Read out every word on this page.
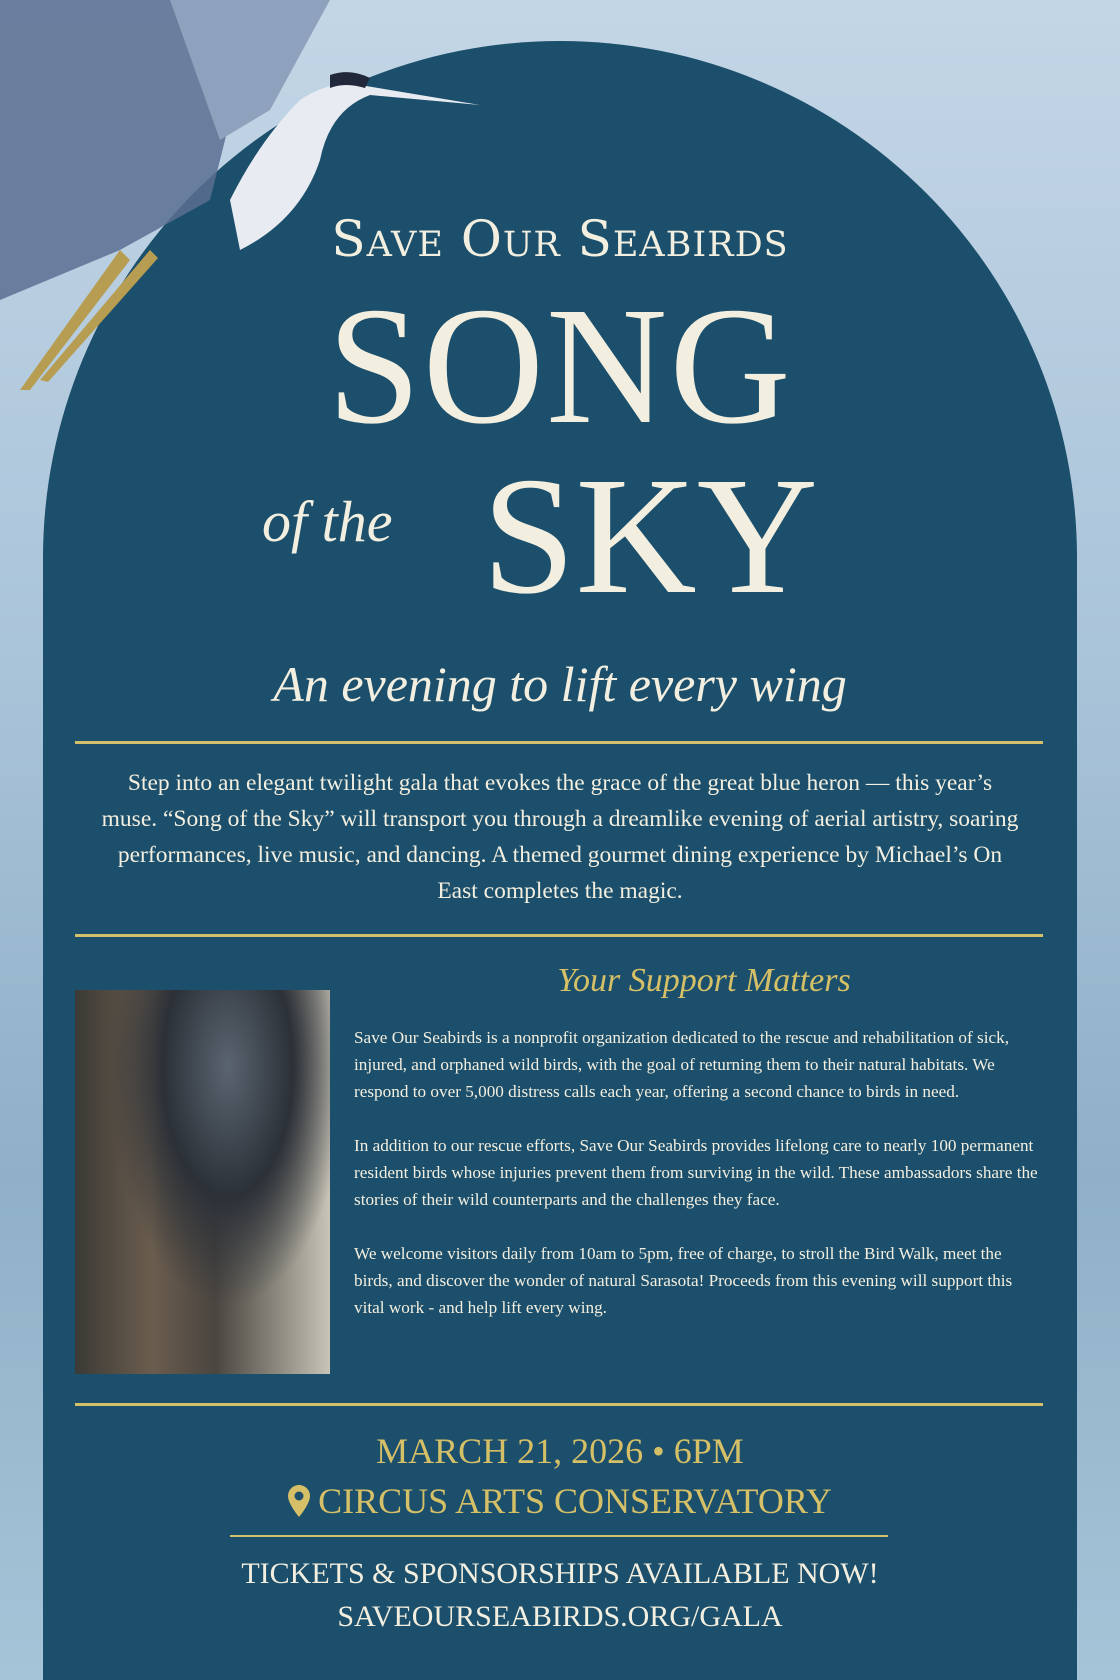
Save Our Seabirds
SONG
of the SKY
An evening to lift every wing
Step into an elegant twilight gala that evokes the grace of the great blue heron — this year’s muse. “Song of the Sky” will transport you through a dreamlike evening of aerial artistry, soaring performances, live music, and dancing. A themed gourmet dining experience by Michael’s On East completes the magic.
Your Support Matters

Save Our Seabirds is a nonprofit organization dedicated to the rescue and rehabilitation of sick, injured, and orphaned wild birds, with the goal of returning them to their natural habitats. We respond to over 5,000 distress calls each year, offering a second chance to birds in need.

In addition to our rescue efforts, Save Our Seabirds provides lifelong care to nearly 100 permanent resident birds whose injuries prevent them from surviving in the wild. These ambassadors share the stories of their wild counterparts and the challenges they face.

We welcome visitors daily from 10am to 5pm, free of charge, to stroll the Bird Walk, meet the birds, and discover the wonder of natural Sarasota! Proceeds from this evening will support this vital work - and help lift every wing.

MARCH 21, 2026 • 6PM
CIRCUS ARTS CONSERVATORY
TICKETS & SPONSORSHIPS AVAILABLE NOW!
SAVEOURSEABIRDS.ORG/GALA
